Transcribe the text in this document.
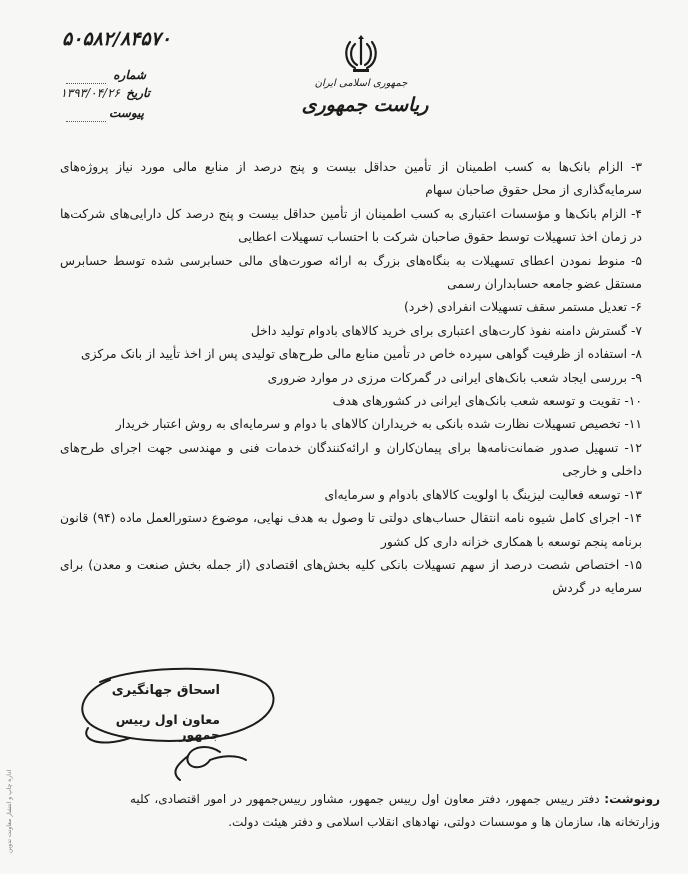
۵۰۵۸۲/۸۴۵۷۰
شماره
تاریخ
۱۳۹۳/۰۴/۲۶
پیوست
جمهوری اسلامی ایران
ریاست جمهوری

۳- الزام بانک‌ها به کسب اطمینان از تأمین حداقل بیست و پنج درصد از منابع مالی مورد نیاز پروژه‌های سرمایه‌گذاری از محل حقوق صاحبان سهام

۴- الزام بانک‌ها و مؤسسات اعتباری به کسب اطمینان از تأمین حداقل بیست و پنج درصد کل دارایی‌های شرکت‌ها در زمان اخذ تسهیلات توسط حقوق صاحبان شرکت با احتساب تسهیلات اعطایی

۵- منوط نمودن اعطای تسهیلات به بنگاه‌های بزرگ به ارائه صورت‌های مالی حسابرسی شده توسط حسابرس مستقل عضو جامعه حسابداران رسمی

۶- تعدیل مستمر سقف تسهیلات انفرادی (خرد)

۷- گسترش دامنه نفوذ کارت‌های اعتباری برای خرید کالاهای بادوام تولید داخل

۸- استفاده از ظرفیت گواهی سپرده خاص در تأمین منابع مالی طرح‌های تولیدی پس از اخذ تأیید از بانک مرکزی

۹- بررسی ایجاد شعب بانک‌های ایرانی در گمرکات مرزی در موارد ضروری

۱۰- تقویت و توسعه شعب بانک‌های ایرانی در کشورهای هدف

۱۱- تخصیص تسهیلات نظارت شده بانکی به خریداران کالاهای با دوام و سرمایه‌ای به روش اعتبار خریدار

۱۲- تسهیل صدور ضمانت‌نامه‌ها برای پیمان‌کاران و ارائه‌کنندگان خدمات فنی و مهندسی جهت اجرای طرح‌های داخلی و خارجی

۱۳- توسعه فعالیت لیزینگ با اولویت کالاهای بادوام و سرمایه‌ای

۱۴- اجرای کامل شیوه نامه انتقال حساب‌های دولتی تا وصول به هدف نهایی، موضوع دستورالعمل ماده (۹۴) قانون برنامه پنجم توسعه با همکاری خزانه داری کل کشور

۱۵- اختصاص شصت درصد از سهم تسهیلات بانکی کلیه بخش‌های اقتصادی (از جمله بخش صنعت و معدن) برای سرمایه در گردش

اسحاق جهانگیری
معاون اول رییس جمهور
رونوشت: دفتر رییس جمهور، دفتر معاون اول رییس جمهور، مشاور رییس‌جمهور در امور اقتصادی، کلیه وزارتخانه ها، سازمان ها و موسسات دولتی، نهادهای انقلاب اسلامی و دفتر هیئت دولت.
اداره چاپ و انتشار معاونت تدوین
